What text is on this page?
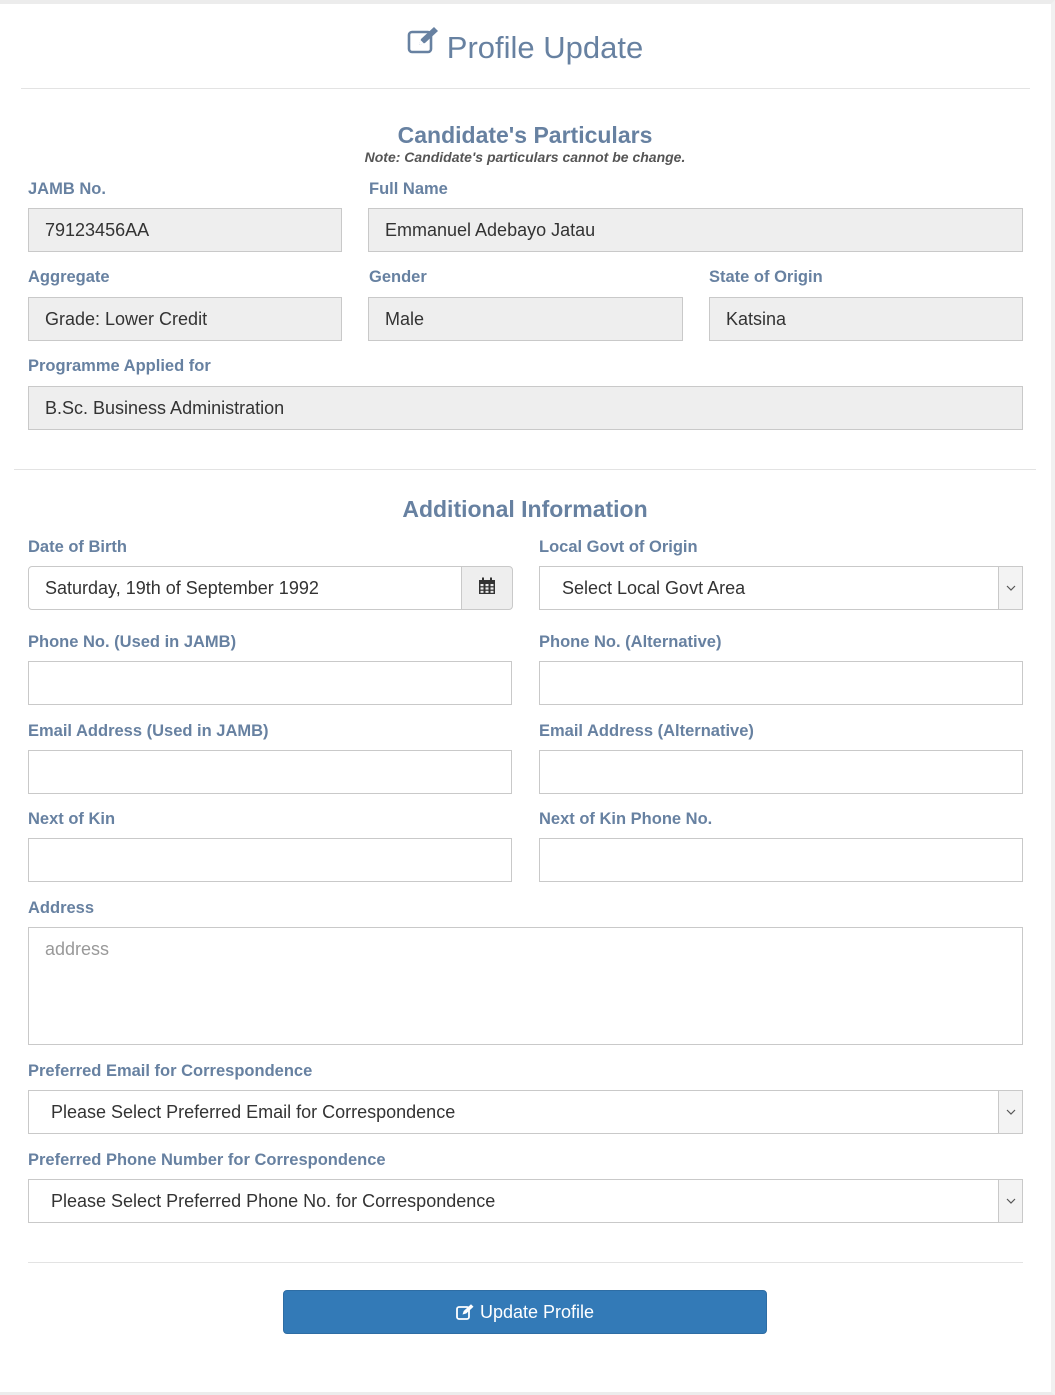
Profile Update
Candidate's Particulars
Note: Candidate's particulars cannot be change.
JAMB No.
79123456AA
Full Name
Emmanuel Adebayo Jatau
Aggregate
Grade: Lower Credit
Gender
Male
State of Origin
Katsina
Programme Applied for
B.Sc. Business Administration
Additional Information
Date of Birth
Saturday, 19th of September 1992
Local Govt of Origin
Select Local Govt Area
Phone No. (Used in JAMB)	Phone No. (Alternative)
Email Address (Used in JAMB)	Email Address (Alternative)
Next of Kin	Next of Kin Phone No.
Address
address
Preferred Email for Correspondence
Please Select Preferred Email for Correspondence
Preferred Phone Number for Correspondence
Please Select Preferred Phone No. for Correspondence
Update Profile
